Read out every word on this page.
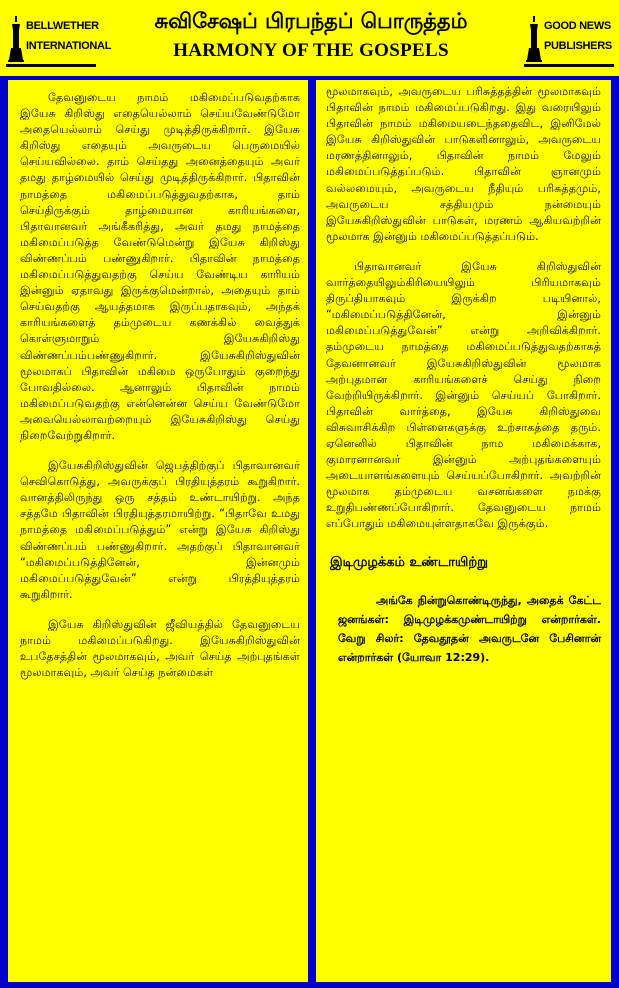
BELLWETHER
INTERNATIONAL
சுவிசேஷப் பிரபந்தப் பொருத்தம்
HARMONY OF THE GOSPELS
GOOD NEWS
PUBLISHERS

தேவனுடைய நாமம் மகிமைப்படுவதற்காக இயேசு கிறிஸ்து எதையெல்லாம் செய்யவேண்டுமோ அதையெல்லாம் செய்து முடித்திருக்கிறார். இயேசு கிறிஸ்து எதையும் அவருடைய பெருமையில் செய்யவில்லை. தாம் செய்தது அனைத்தையும் அவர் தமது தாழ்மையில் செய்து முடித்திருக்கிறார். பிதாவின் நாமத்தை மகிமைப்படுத்துவதற்காக, தாம் செய்திருக்கும் தாழ்மையான காரியங்களை, பிதாவானவர் அங்கீகரித்து, அவர் தமது நாமத்தை மகிமைப்படுத்த வேண்டுமென்று இயேசு கிறிஸ்து விண்ணப்பம் பண்ணுகிறார். பிதாவின் நாமத்தை மகிமைப்படுத்துவதற்கு செய்ய வேண்டிய காரியம் இன்னும் ஏதாவது இருக்குமென்றால், அதையும் தாம் செய்வதற்கு ஆயத்தமாக இருப்பதாகவும், அந்தக் காரியங்களைத் தம்முடைய கணக்கில் வைத்துக் கொள்ளுமாறும் இயேசுகிறிஸ்து விண்ணப்பம்பண்ணுகிறார். இயேசுகிறிஸ்துவின் மூலமாகப் பிதாவின் மகிமை ஒருபோதும் குறைந்து போவதில்லை. ஆனாலும் பிதாவின் நாமம் மகிமைப்படுவதற்கு என்னென்ன செய்ய வேண்டுமோ அவையெல்லாவற்றையும் இயேசுகிறிஸ்து செய்து நிறைவேற்றுகிறார்.

இயேசுகிறிஸ்துவின் ஜெபத்திற்குப் பிதாவானவர் செவிகொடுத்து, அவருக்குப் பிரதியுத்தரம் கூறுகிறார். வானத்திலிருந்து ஒரு சத்தம் உண்டாயிற்று. அந்த சத்தமே பிதாவின் பிரதியுத்தரமாயிற்று. “பிதாவே உமது நாமத்தை மகிமைப்படுத்தும்” என்று இயேசு கிறிஸ்து விண்ணப்பம் பண்ணுகிறார். அதற்குப் பிதாவானவர் “மகிமைப்படுத்தினேன், இன்னமும் மகிமைப்படுத்துவேன்” என்று பிரத்தியுத்தரம் கூறுகிறார்.

இயேசு கிறிஸ்துவின் ஜீவியத்தில் தேவனுடைய நாமம் மகிமைப்படுகிறது. இயேசுகிறிஸ்துவின் உபதேசத்தின் மூலமாகவும், அவர் செய்த அற்புதங்கள் மூலமாகவும், அவர் செய்த நன்மைகள்

மூலமாகவும், அவருடைய பரிசுத்தத்தின் மூலமாகவும் பிதாவின் நாமம் மகிமைப்படுகிறது. இது வரையிலும் பிதாவின் நாமம் மகிமையடைந்ததைவிட, இனிமேல் இயேசு கிறிஸ்துவின் பாடுகளினாலும், அவருடைய மரணத்தினாலும், பிதாவின் நாமம் மேலும் மகிமைப்படுத்தப்படும். பிதாவின் ஞானமும் வல்லமையும், அவருடைய நீதியும் பரிசுத்தமும், அவருடைய சத்தியமும் நன்மையும் இயேசுகிறிஸ்துவின் பாடுகள், மரணம் ஆகியவற்றின் மூலமாக இன்னும் மகிமைப்படுத்தப்படும்.

பிதாவானவர் இயேசு கிறிஸ்துவின் வார்த்தையிலும்கிரியையிலும் பிரியமாகவும் திருப்தியாகவும் இருக்கிற படியினால், “மகிமைப்படுத்தினேன், இன்னும் மகிமைப்படுத்துவேன்” என்று அறிவிக்கிறார். தம்முடைய நாமத்தை மகிமைப்படுத்துவதற்காகத் தேவனானவர் இயேசுகிறிஸ்துவின் மூலமாக அற்புதமான காரியங்களைச் செய்து நிறை வேற்றியிருக்கிறார். இன்னும் செய்யப் போகிறார். பிதாவின் வார்த்தை, இயேசு கிறிஸ்துவை விசுவாசிக்கிற பிள்ளைகளுக்கு உற்சாகத்தை தரும். ஏனெனில் பிதாவின் நாம மகிமைக்காக, குமாரனானவர் இன்னும் அற்புதங்களையும் அடையாளங்களையும் செய்யப்போகிறார். அவற்றின் மூலமாக தம்முடைய வசனங்களை நமக்கு உறுதிபண்ணப்போகிறார். தேவனுடைய நாமம் எப்போதும் மகிமையுள்ளதாகவே இருக்கும்.

இடிமுழக்கம் உண்டாயிற்று

அங்கே நின்றுகொண்டிருந்து, அதைக் கேட்ட ஜனங்கள்: இடிமுழக்கமுண்டாயிற்று என்றார்கள். வேறு சிலர்: தேவதூதன் அவருடனே பேசினான் என்றார்கள் (யோவா 12:29).
